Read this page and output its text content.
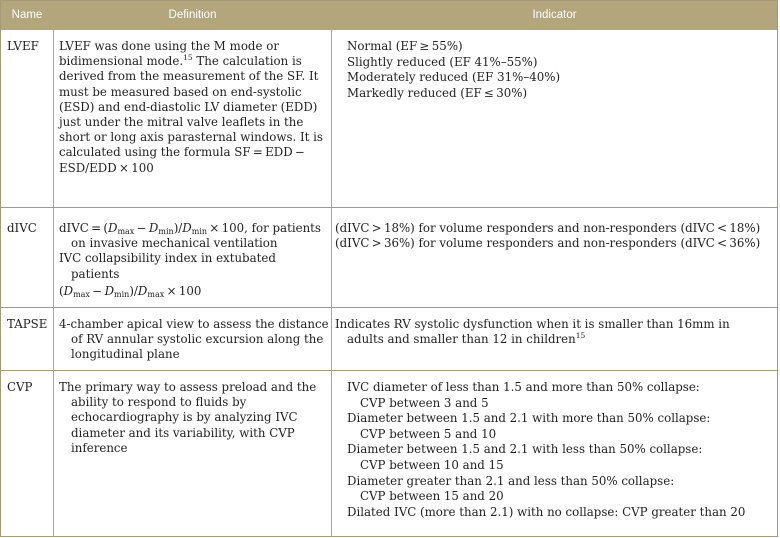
Name	Definition	Indicator
LVEF LVEF was done using the M mode or bidimensional mode.$^{15}$ The calculation is derived from the measurement of the SF. It must be measured based on end-systolic (ESD) and end-diastolic LV diameter (EDD) just under the mitral valve leaflets in the short or long axis parasternal windows. It is calculated using the formula SF = EDD − ESD/EDD × 100
Normal (EF ≥ 55%)
Slightly reduced (EF 41%–55%)
Moderately reduced (EF 31%–40%)
Markedly reduced (EF ≤ 30%)
dIVC dIVC = $(D_{max} - D_{min})/D_{min} \times 100$, for patients on invasive mechanical ventilation
IVC collapsibility index in extubated patients
$(D_{max} - D_{min})/D_{max} \times 100$
(dIVC > 18%) for volume responders and non-responders (dIVC < 18%)
(dIVC > 36%) for volume responders and non-responders (dIVC < 36%)
TAPSE 4-chamber apical view to assess the distance of RV annular systolic excursion along the longitudinal plane
Indicates RV systolic dysfunction when it is smaller than 16mm in adults and smaller than 12 in children$^{15}$
CVP The primary way to assess preload and the ability to respond to fluids by echocardiography is by analyzing IVC diameter and its variability, with CVP inference
IVC diameter of less than 1.5 and more than 50% collapse:
CVP between 3 and 5
Diameter between 1.5 and 2.1 with more than 50% collapse:
CVP between 5 and 10
Diameter between 1.5 and 2.1 with less than 50% collapse:
CVP between 10 and 15
Diameter greater than 2.1 and less than 50% collapse:
CVP between 15 and 20
Dilated IVC (more than 2.1) with no collapse: CVP greater than 20
